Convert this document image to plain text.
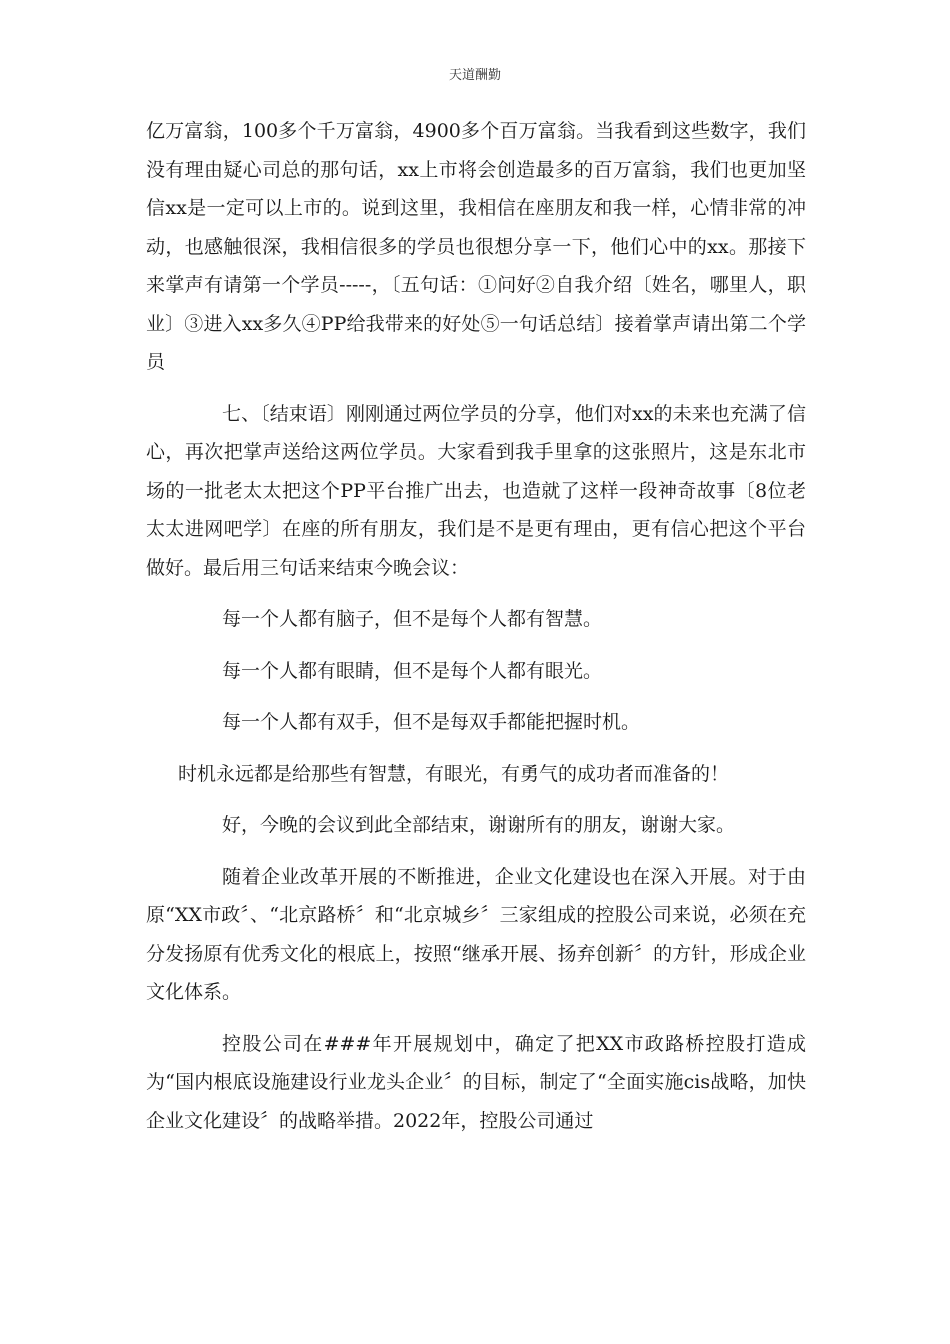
天道酬勤

亿万富翁，100多个千万富翁，4900多个百万富翁。当我看到这些数字，我们没有理由疑心司总的那句话，xx上市将会创造最多的百万富翁，我们也更加坚信xx是一定可以上市的。说到这里，我相信在座朋友和我一样，心情非常的冲动，也感触很深，我相信很多的学员也很想分享一下，他们心中的xx。那接下来掌声有请第一个学员-----，〔五句话：①问好②自我介绍〔姓名，哪里人，职业〕③进入xx多久④PP给我带来的好处⑤一句话总结〕接着掌声请出第二个学员

七、〔结束语〕刚刚通过两位学员的分享，他们对xx的未来也充满了信心，再次把掌声送给这两位学员。大家看到我手里拿的这张照片，这是东北市场的一批老太太把这个PP平台推广出去，也造就了这样一段神奇故事〔8位老太太进网吧学〕在座的所有朋友，我们是不是更有理由，更有信心把这个平台做好。最后用三句话来结束今晚会议：

每一个人都有脑子，但不是每个人都有智慧。

每一个人都有眼睛，但不是每个人都有眼光。

每一个人都有双手，但不是每双手都能把握时机。

时机永远都是给那些有智慧，有眼光，有勇气的成功者而准备的！

好，今晚的会议到此全部结束，谢谢所有的朋友，谢谢大家。

随着企业改革开展的不断推进，企业文化建设也在深入开展。对于由原“XX市政〞、“北京路桥〞和“北京城乡〞三家组成的控股公司来说，必须在充分发扬原有优秀文化的根底上，按照“继承开展、扬弃创新〞的方针，形成企业文化体系。

控股公司在###年开展规划中，确定了把XX市政路桥控股打造成为“国内根底设施建设行业龙头企业〞的目标，制定了“全面实施cis战略，加快企业文化建设〞的战略举措。2022年，控股公司通过
